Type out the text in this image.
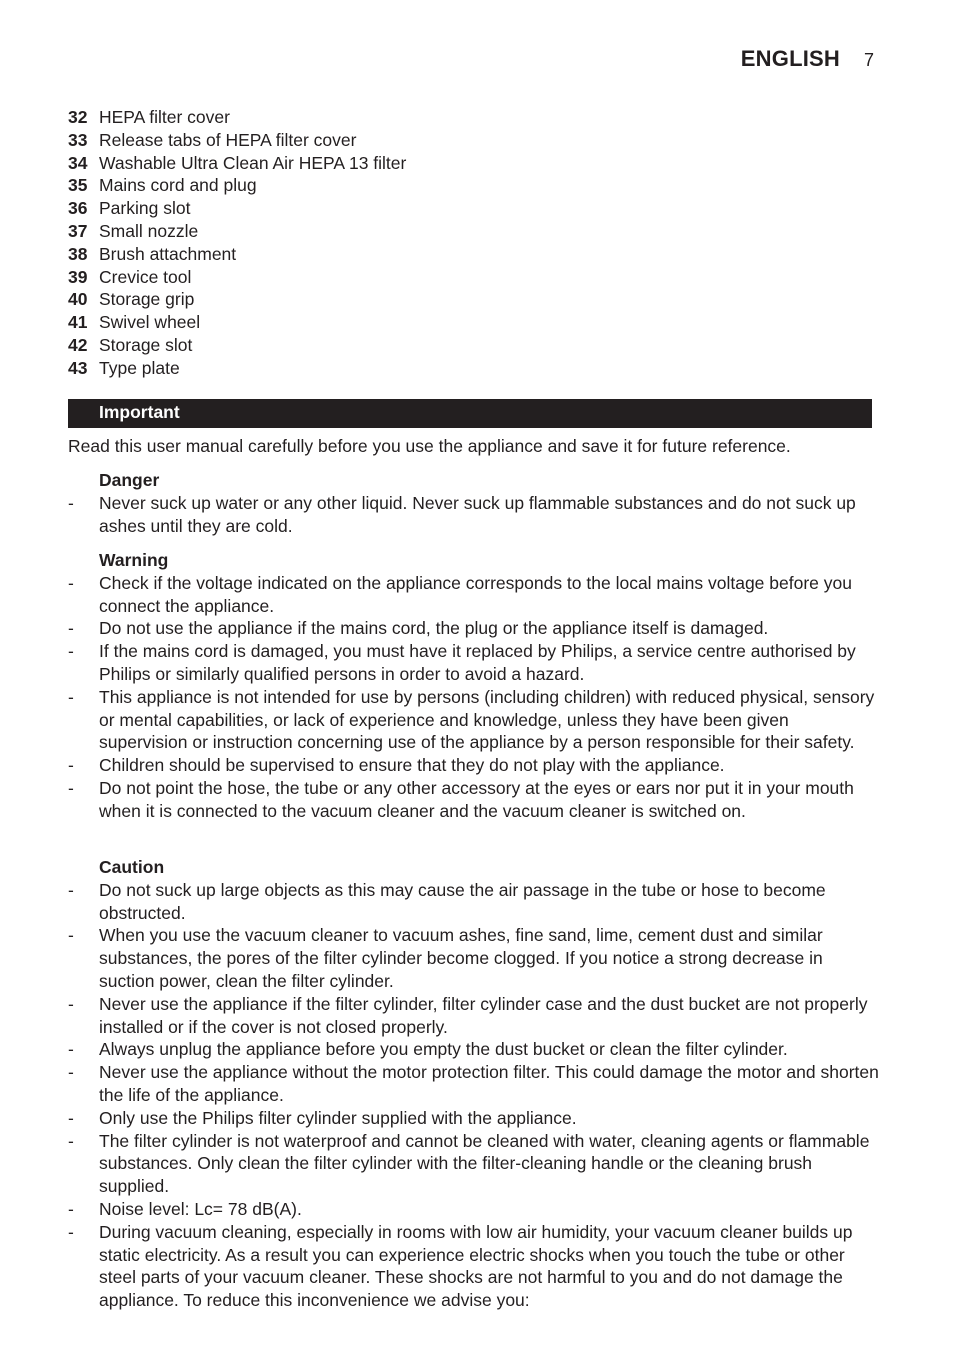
ENGLISH 7
32 HEPA filter cover
33 Release tabs of HEPA filter cover
34 Washable Ultra Clean Air HEPA 13 filter
35 Mains cord and plug
36 Parking slot
37 Small nozzle
38 Brush attachment
39 Crevice tool
40 Storage grip
41 Swivel wheel
42 Storage slot
43 Type plate
Important

Read this user manual carefully before you use the appliance and save it for future reference.

Danger
- Never suck up water or any other liquid. Never suck up flammable substances and do not suck up ashes until they are cold.
Warning
- Check if the voltage indicated on the appliance corresponds to the local mains voltage before you connect the appliance.
- Do not use the appliance if the mains cord, the plug or the appliance itself is damaged.
- If the mains cord is damaged, you must have it replaced by Philips, a service centre authorised by Philips or similarly qualified persons in order to avoid a hazard.
- This appliance is not intended for use by persons (including children) with reduced physical, sensory or mental capabilities, or lack of experience and knowledge, unless they have been given supervision or instruction concerning use of the appliance by a person responsible for their safety.
- Children should be supervised to ensure that they do not play with the appliance.
- Do not point the hose, the tube or any other accessory at the eyes or ears nor put it in your mouth when it is connected to the vacuum cleaner and the vacuum cleaner is switched on.
Caution
- Do not suck up large objects as this may cause the air passage in the tube or hose to become obstructed.
- When you use the vacuum cleaner to vacuum ashes, fine sand, lime, cement dust and similar substances, the pores of the filter cylinder become clogged. If you notice a strong decrease in suction power, clean the filter cylinder.
- Never use the appliance if the filter cylinder, filter cylinder case and the dust bucket are not properly installed or if the cover is not closed properly.
- Always unplug the appliance before you empty the dust bucket or clean the filter cylinder.
- Never use the appliance without the motor protection filter. This could damage the motor and shorten the life of the appliance.
- Only use the Philips filter cylinder supplied with the appliance.
- The filter cylinder is not waterproof and cannot be cleaned with water, cleaning agents or flammable substances. Only clean the filter cylinder with the filter-cleaning handle or the cleaning brush supplied.
- Noise level: Lc= 78 dB(A).
- During vacuum cleaning, especially in rooms with low air humidity, your vacuum cleaner builds up static electricity. As a result you can experience electric shocks when you touch the tube or other steel parts of your vacuum cleaner. These shocks are not harmful to you and do not damage the appliance. To reduce this inconvenience we advise you:
